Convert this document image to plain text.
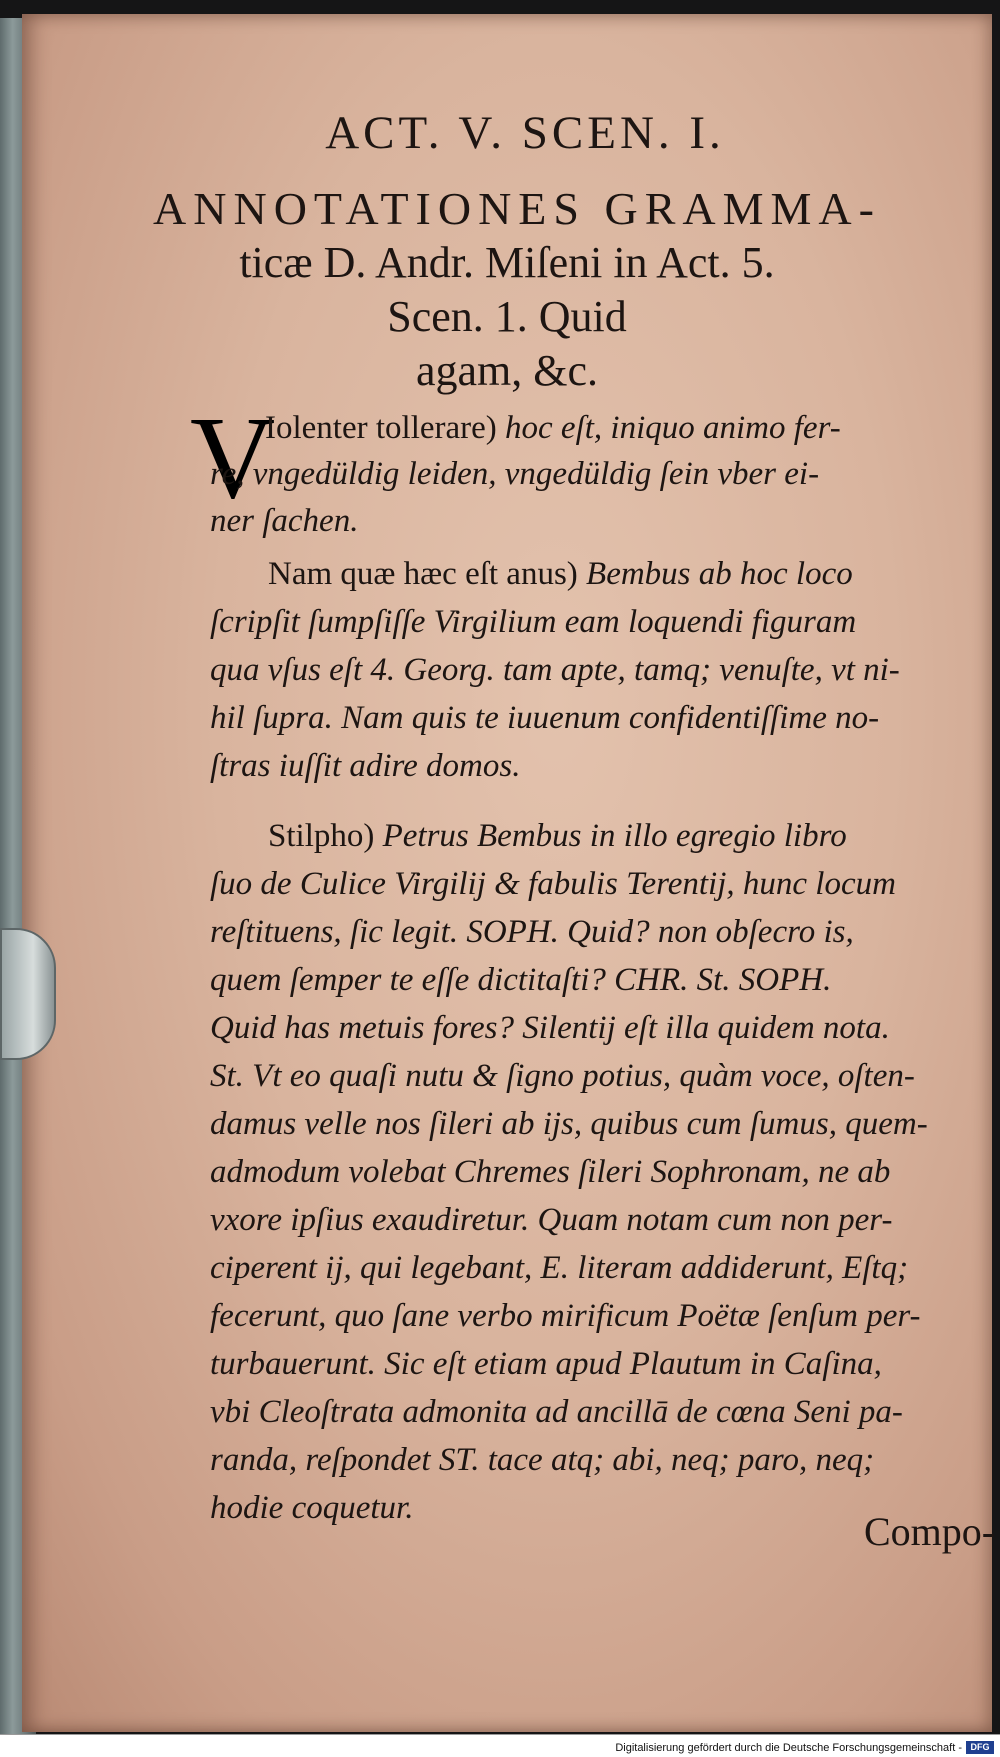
ACT. V. SCEN. I.
ANNOTATIONES GRAMMA-
ticæ D. Andr. Miſeni in Act. 5.
Scen. 1. Quid
agam, &c.
Compo-
V
Iolenter tollerare) hoc eſt, iniquo animo fer-
re, vngedüldig leiden, vngedüldig ſein vber ei-
ner ſachen.
Nam quæ hæc eſt anus) Bembus ab hoc loco
ſcripſit ſumpſiſſe Virgilium eam loquendi figuram
qua vſus eſt 4. Georg. tam apte, tamq; venuſte, vt ni-
hil ſupra. Nam quis te iuuenum confidentiſſime no-
ſtras iuſſit adire domos.
Stilpho) Petrus Bembus in illo egregio libro
ſuo de Culice Virgilij & fabulis Terentij, hunc locum
reſtituens, ſic legit. SOPH. Quid? non obſecro is,
quem ſemper te eſſe dictitaſti? CHR. St. SOPH.
Quid has metuis fores? Silentij eſt illa quidem nota.
St. Vt eo quaſi nutu & ſigno potius, quàm voce, oſten-
damus velle nos ſileri ab ijs, quibus cum ſumus, quem-
admodum volebat Chremes ſileri Sophronam, ne ab
vxore ipſius exaudiretur. Quam notam cum non per-
ciperent ij, qui legebant, E. literam addiderunt, Eſtq;
fecerunt, quo ſane verbo mirificum Poëtæ ſenſum per-
turbauerunt. Sic eſt etiam apud Plautum in Caſina,
vbi Cleoſtrata admonita ad ancillā de cœna Seni pa-
randa, reſpondet ST. tace atq; abi, neq; paro, neq;
hodie coquetur.
Digitalisierung gefördert durch die Deutsche Forschungsgemeinschaft - DFG
